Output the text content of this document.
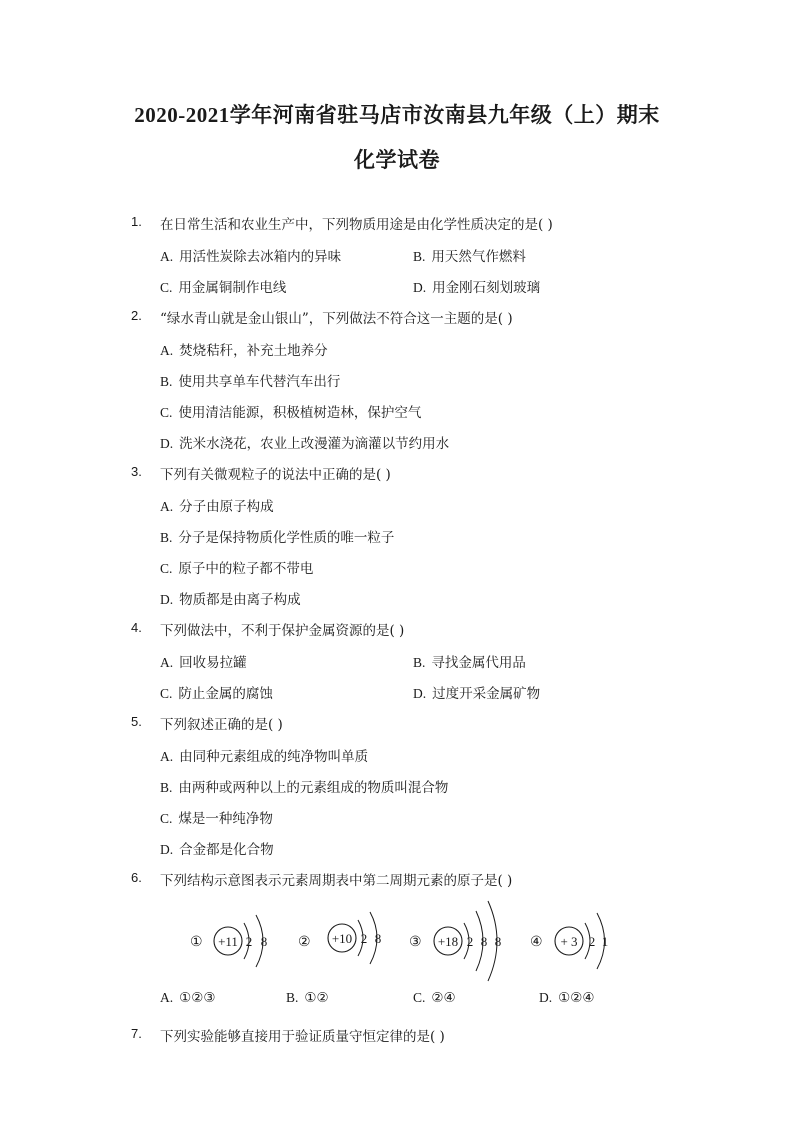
2020-2021学年河南省驻马店市汝南县九年级（上）期末
化学试卷
1. 在日常生活和农业生产中，下列物质用途是由化学性质决定的是( )
A. 用活性炭除去冰箱内的异味	B. 用天然气作燃料
C. 用金属铜制作电线	D. 用金刚石刻划玻璃
2. “绿水青山就是金山银山”，下列做法不符合这一主题的是( )
A. 焚烧秸秆，补充土地养分
B. 使用共享单车代替汽车出行
C. 使用清洁能源，积极植树造林，保护空气
D. 洗米水浇花，农业上改漫灌为滴灌以节约用水
3. 下列有关微观粒子的说法中正确的是( )
A. 分子由原子构成
B. 分子是保持物质化学性质的唯一粒子
C. 原子中的粒子都不带电
D. 物质都是由离子构成
4. 下列做法中，不利于保护金属资源的是( )
A. 回收易拉罐	B. 寻找金属代用品
C. 防止金属的腐蚀	D. 过度开采金属矿物
5. 下列叙述正确的是( )
A. 由同种元素组成的纯净物叫单质
B. 由两种或两种以上的元素组成的物质叫混合物
C. 煤是一种纯净物
D. 合金都是化合物
6. 下列结构示意图表示元素周期表中第二周期元素的原子是( )
① +11 2 8 ② +10 2 8 ③ +18 2 8 8 ④ + 3 2 1
A. ①②③	B. ①②	C. ②④	D. ①②④
7. 下列实验能够直接用于验证质量守恒定律的是( )
